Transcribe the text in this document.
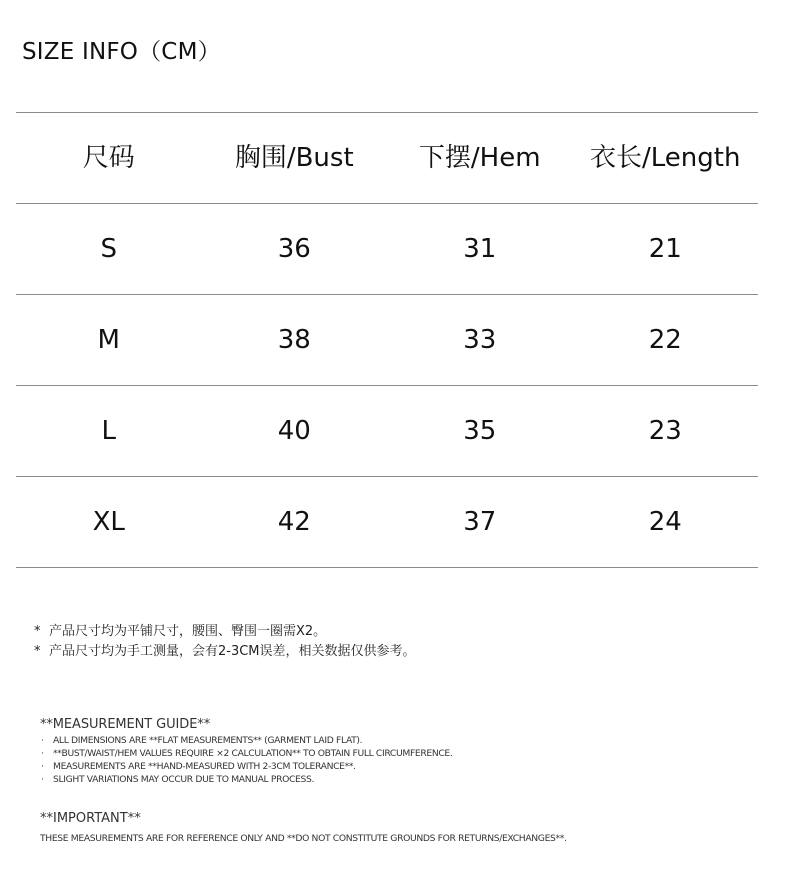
SIZE INFO（CM）
尺码	胸围/Bust	下摆/Hem	衣长/Length
S	36	31	21
M	38	33	22
L	40	35	23
XL	42	37	24
* 产品尺寸均为平铺尺寸，腰围、臀围一圈需X2。
* 产品尺寸均为手工测量，会有2-3CM误差，相关数据仅供参考。
**MEASUREMENT GUIDE**
· ALL DIMENSIONS ARE **FLAT MEASUREMENTS** (GARMENT LAID FLAT).
· **BUST/WAIST/HEM VALUES REQUIRE ×2 CALCULATION** TO OBTAIN FULL CIRCUMFERENCE.
· MEASUREMENTS ARE **HAND-MEASURED WITH 2-3CM TOLERANCE**.
· SLIGHT VARIATIONS MAY OCCUR DUE TO MANUAL PROCESS.
**IMPORTANT**
THESE MEASUREMENTS ARE FOR REFERENCE ONLY AND **DO NOT CONSTITUTE GROUNDS FOR RETURNS/EXCHANGES**.
